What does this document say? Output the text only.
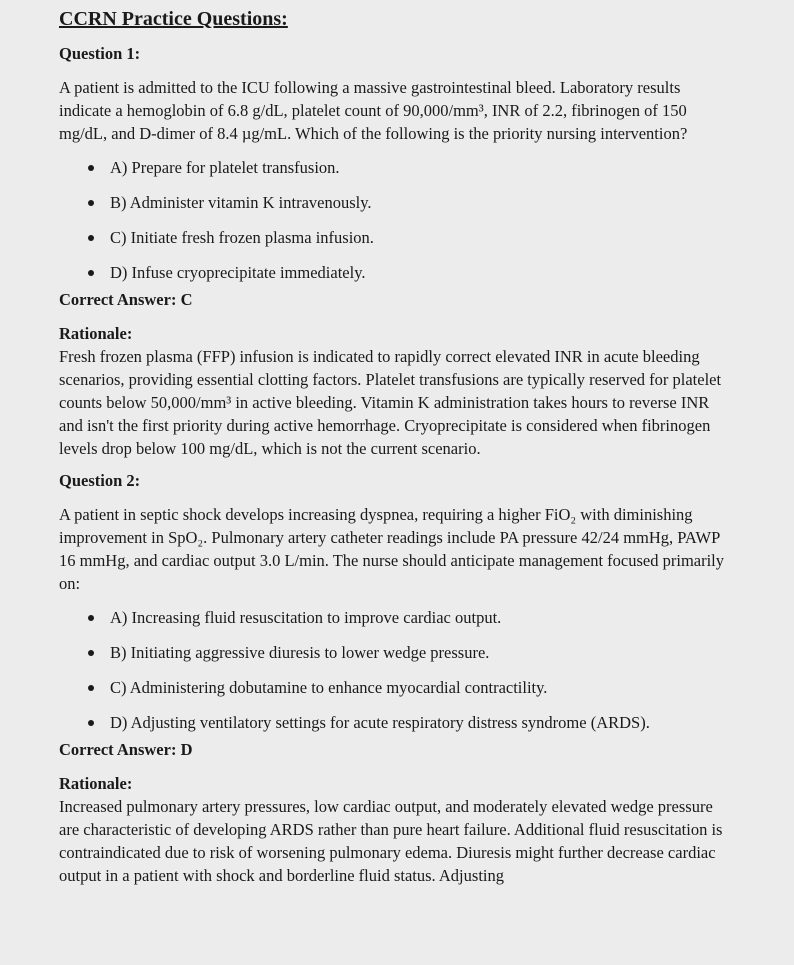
CCRN Practice Questions:
Question 1:

A patient is admitted to the ICU following a massive gastrointestinal bleed. Laboratory results indicate a hemoglobin of 6.8 g/dL, platelet count of 90,000/mm³, INR of 2.2, fibrinogen of 150 mg/dL, and D-dimer of 8.4 µg/mL. Which of the following is the priority nursing intervention?

A) Prepare for platelet transfusion.
B) Administer vitamin K intravenously.
C) Initiate fresh frozen plasma infusion.
D) Infuse cryoprecipitate immediately.
Correct Answer: C
Rationale:

Fresh frozen plasma (FFP) infusion is indicated to rapidly correct elevated INR in acute bleeding scenarios, providing essential clotting factors. Platelet transfusions are typically reserved for platelet counts below 50,000/mm³ in active bleeding. Vitamin K administration takes hours to reverse INR and isn't the first priority during active hemorrhage. Cryoprecipitate is considered when fibrinogen levels drop below 100 mg/dL, which is not the current scenario.

Question 2:

A patient in septic shock develops increasing dyspnea, requiring a higher FiO₂ with diminishing improvement in SpO₂. Pulmonary artery catheter readings include PA pressure 42/24 mmHg, PAWP 16 mmHg, and cardiac output 3.0 L/min. The nurse should anticipate management focused primarily on:

A) Increasing fluid resuscitation to improve cardiac output.
B) Initiating aggressive diuresis to lower wedge pressure.
C) Administering dobutamine to enhance myocardial contractility.
D) Adjusting ventilatory settings for acute respiratory distress syndrome (ARDS).
Correct Answer: D
Rationale:

Increased pulmonary artery pressures, low cardiac output, and moderately elevated wedge pressure are characteristic of developing ARDS rather than pure heart failure. Additional fluid resuscitation is contraindicated due to risk of worsening pulmonary edema. Diuresis might further decrease cardiac output in a patient with shock and borderline fluid status. Adjusting
